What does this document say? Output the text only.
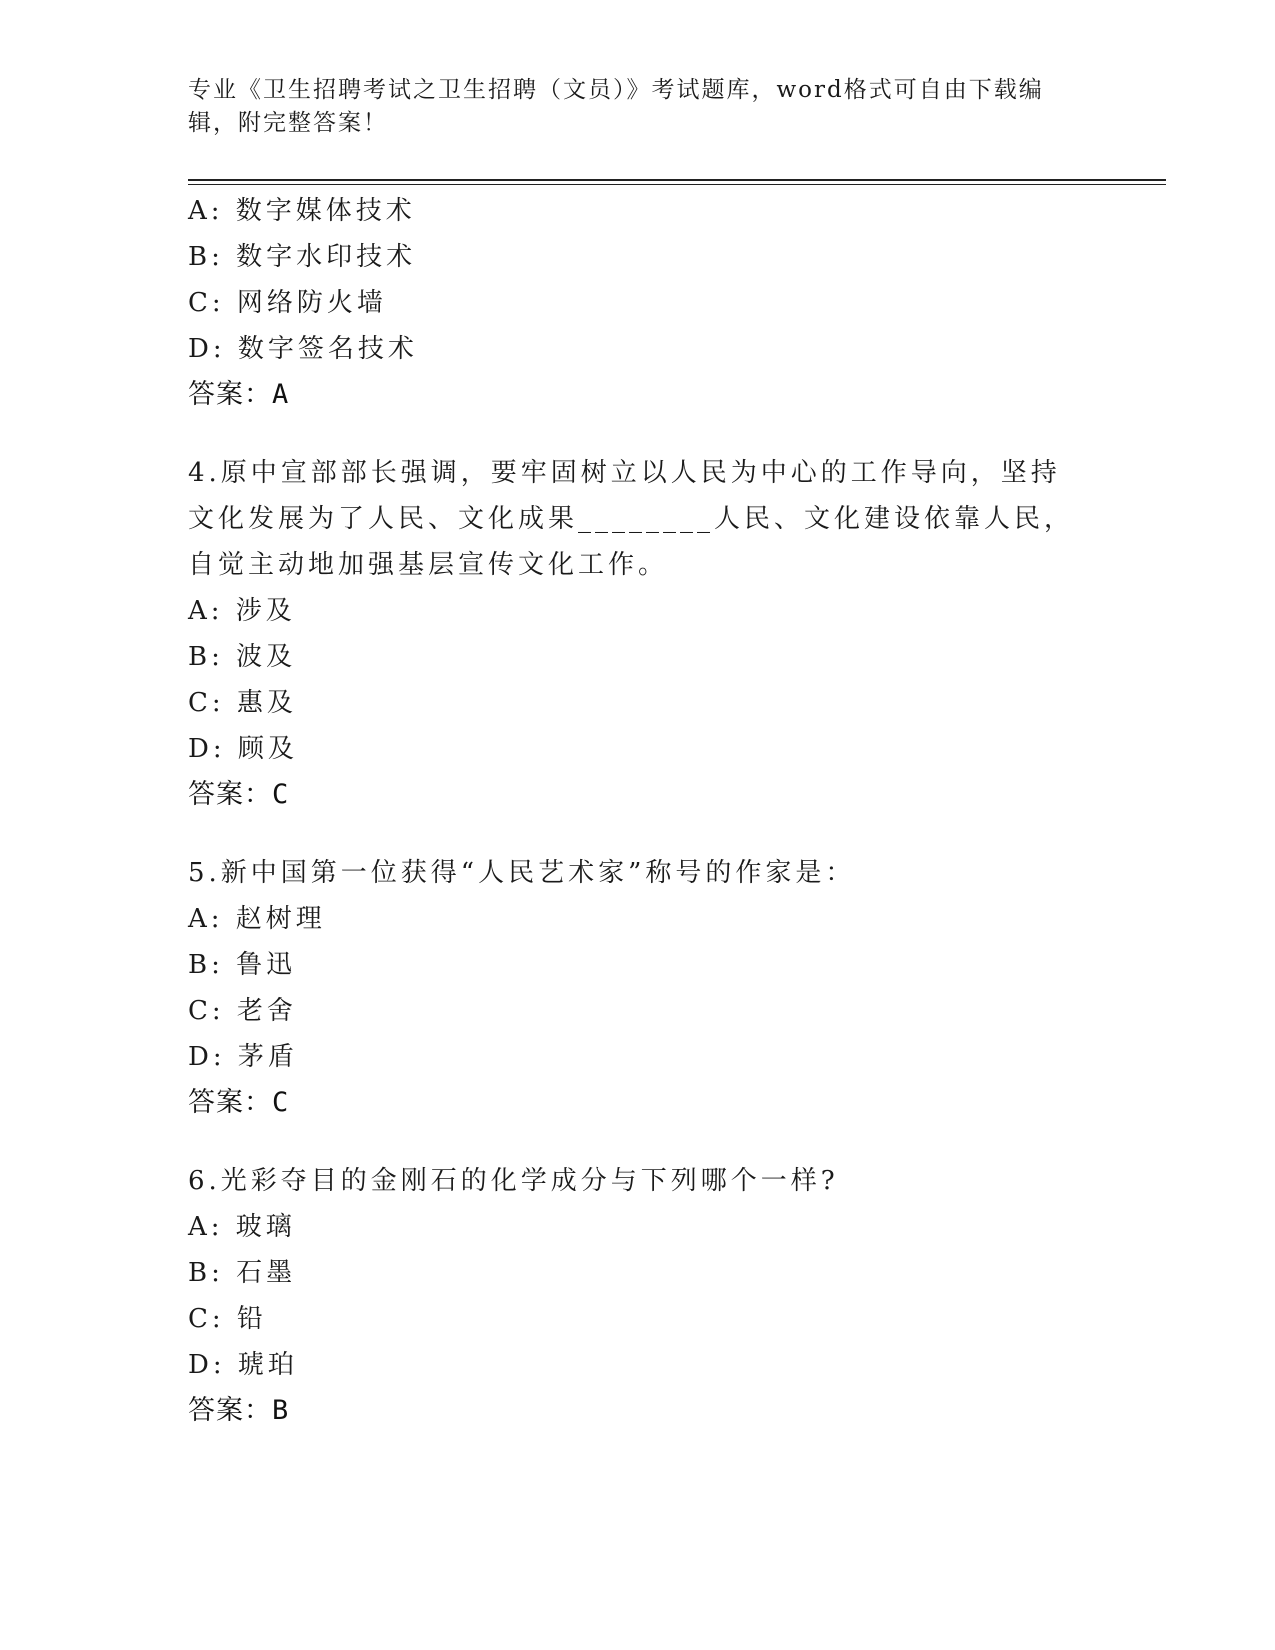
专业《卫生招聘考试之卫生招聘（文员）》考试题库，word格式可自由下载编辑，附完整答案！
A: 数字媒体技术
B: 数字水印技术
C: 网络防火墙
D: 数字签名技术
答案：A
4.原中宣部部长强调，要牢固树立以人民为中心的工作导向，坚持文化发展为了人民、文化成果________人民、文化建设依靠人民，自觉主动地加强基层宣传文化工作。
A: 涉及
B: 波及
C: 惠及
D: 顾及
答案：C
5.新中国第一位获得“人民艺术家”称号的作家是：
A: 赵树理
B: 鲁迅
C: 老舍
D: 茅盾
答案：C
6.光彩夺目的金刚石的化学成分与下列哪个一样?
A: 玻璃
B: 石墨
C: 铅
D: 琥珀
答案：B
